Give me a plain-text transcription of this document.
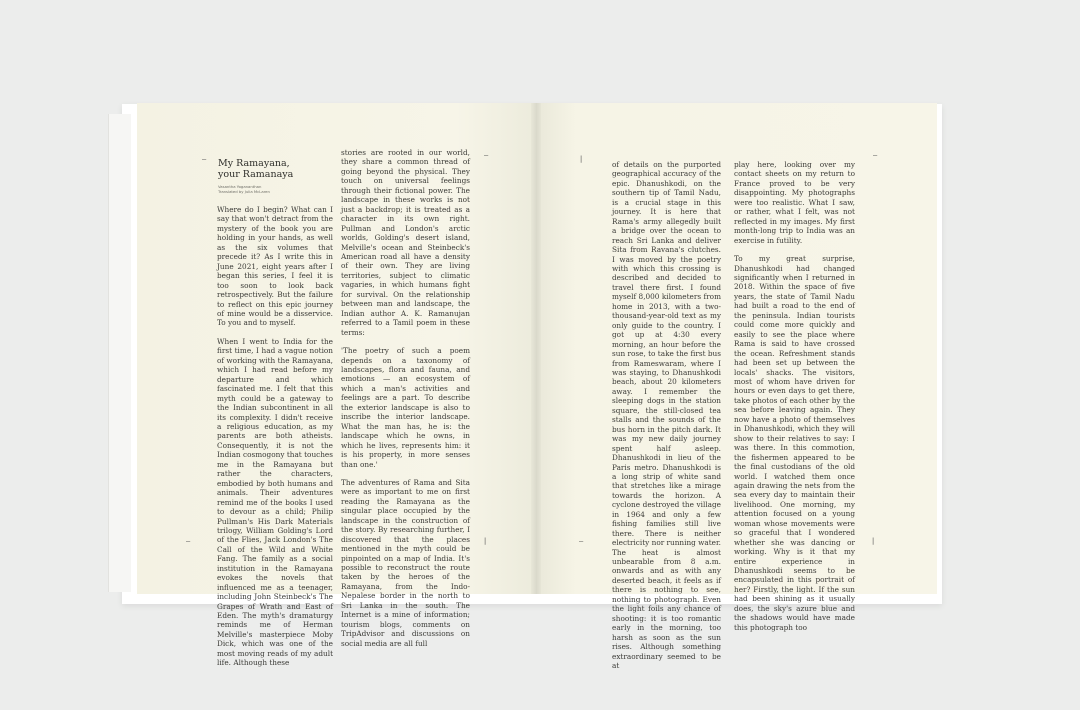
My Ramayana,
your Ramanaya
Vasantha Yogananthan
Translated by Julia McLaren

Where do I begin? What can I say that won't detract from the mystery of the book you are holding in your hands, as well as the six volumes that precede it? As I write this in June 2021, eight years after I began this series, I feel it is too soon to look back retrospectively. But the failure to reflect on this epic journey of mine would be a disservice. To you and to myself.

When I went to India for the first time, I had a vague notion of working with the Ramayana, which I had read before my departure and which fascinated me. I felt that this myth could be a gateway to the Indian subcontinent in all its complexity. I didn't receive a religious education, as my parents are both atheists. Consequently, it is not the Indian cosmogony that touches me in the Ramayana but rather the characters, embodied by both humans and animals. Their adventures remind me of the books I used to devour as a child; Philip Pullman's His Dark Materials trilogy, William Golding's Lord of the Flies, Jack London's The Call of the Wild and White Fang. The family as a social institution in the Ramayana evokes the novels that influenced me as a teenager, including John Steinbeck's The Grapes of Wrath and East of Eden. The myth's dramaturgy reminds me of Herman Melville's masterpiece Moby Dick, which was one of the most moving reads of my adult life. Although these

stories are rooted in our world, they share a common thread of going beyond the physical. They touch on universal feelings through their fictional power. The landscape in these works is not just a backdrop; it is treated as a character in its own right. Pullman and London's arctic worlds, Golding's desert island, Melville's ocean and Steinbeck's American road all have a density of their own. They are living territories, subject to climatic vagaries, in which humans fight for survival. On the relationship between man and landscape, the Indian author A. K. Ramanujan referred to a Tamil poem in these terms:

'The poetry of such a poem depends on a taxonomy of landscapes, flora and fauna, and emotions — an ecosystem of which a man's activities and feelings are a part. To describe the exterior landscape is also to inscribe the interior landscape. What the man has, he is: the landscape which he owns, in which he lives, represents him: it is his property, in more senses than one.'

The adventures of Rama and Sita were as important to me on first reading the Ramayana as the singular place occupied by the landscape in the construction of the story. By researching further, I discovered that the places mentioned in the myth could be pinpointed on a map of India. It's possible to reconstruct the route taken by the heroes of the Ramayana, from the Indo-Nepalese border in the north to Sri Lanka in the south. The Internet is a mine of information; tourism blogs, comments on TripAdvisor and discussions on social media are all full

of details on the purported geographical accuracy of the epic. Dhanushkodi, on the southern tip of Tamil Nadu, is a crucial stage in this journey. It is here that Rama's army allegedly built a bridge over the ocean to reach Sri Lanka and deliver Sita from Ravana's clutches. I was moved by the poetry with which this crossing is described and decided to travel there first. I found myself 8,000 kilometers from home in 2013, with a two-thousand-year-old text as my only guide to the country. I got up at 4:30 every morning, an hour before the sun rose, to take the first bus from Rameswaram, where I was staying, to Dhanushkodi beach, about 20 kilometers away. I remember the sleeping dogs in the station square, the still-closed tea stalls and the sounds of the bus horn in the pitch dark. It was my new daily journey spent half asleep. Dhanushkodi in lieu of the Paris metro. Dhanushkodi is a long strip of white sand that stretches like a mirage towards the horizon. A cyclone destroyed the village in 1964 and only a few fishing families still live there. There is neither electricity nor running water. The heat is almost unbearable from 8 a.m. onwards and as with any deserted beach, it feels as if there is nothing to see, nothing to photograph. Even the light foils any chance of shooting: it is too romantic early in the morning, too harsh as soon as the sun rises. Although something extraordinary seemed to be at

play here, looking over my contact sheets on my return to France proved to be very disappointing. My photographs were too realistic. What I saw, or rather, what I felt, was not reflected in my images. My first month-long trip to India was an exercise in futility.

To my great surprise, Dhanushkodi had changed significantly when I returned in 2018. Within the space of five years, the state of Tamil Nadu had built a road to the end of the peninsula. Indian tourists could come more quickly and easily to see the place where Rama is said to have crossed the ocean. Refreshment stands had been set up between the locals' shacks. The visitors, most of whom have driven for hours or even days to get there, take photos of each other by the sea before leaving again. They now have a photo of themselves in Dhanushkodi, which they will show to their relatives to say: I was there. In this commotion, the fishermen appeared to be the final custodians of the old world. I watched them once again drawing the nets from the sea every day to maintain their livelihood. One morning, my attention focused on a young woman whose movements were so graceful that I wondered whether she was dancing or working. Why is it that my entire experience in Dhanushkodi seems to be encapsulated in this portrait of her? Firstly, the light. If the sun had been shining as it usually does, the sky's azure blue and the shadows would have made this photograph too

—	—	|	—
—	|	—	|
